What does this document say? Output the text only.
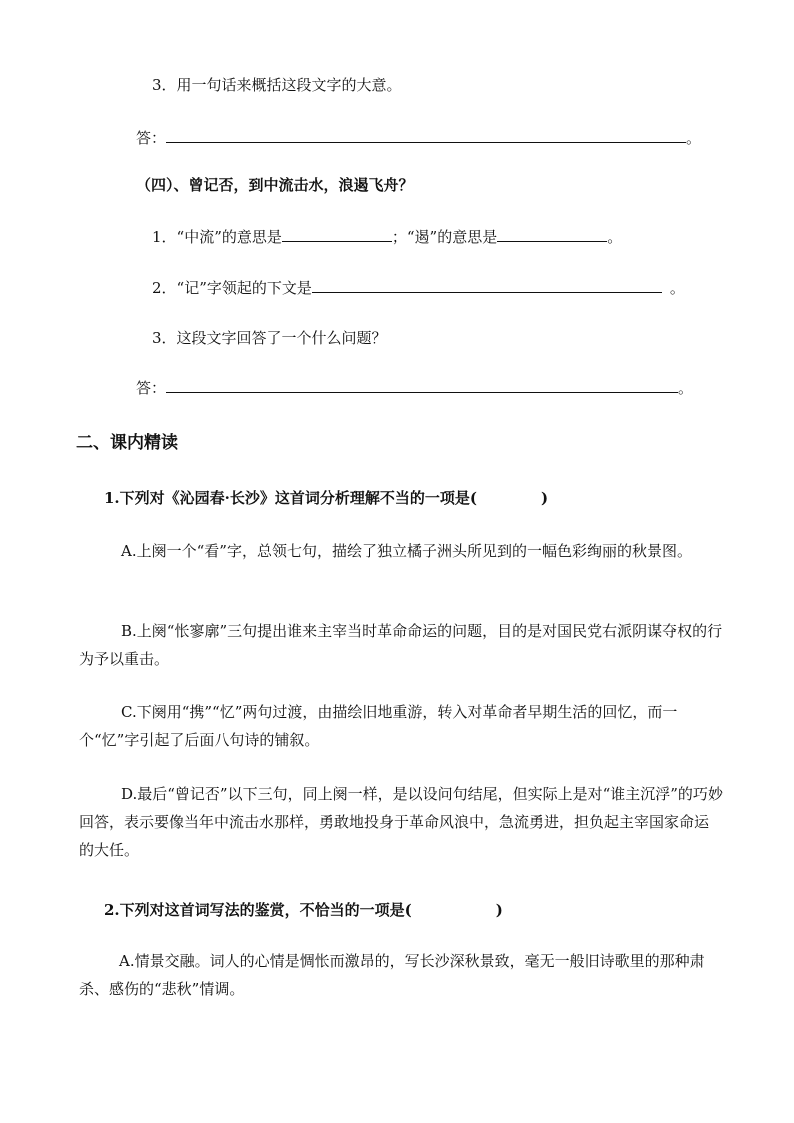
3．用一句话来概括这段文字的大意。
答：	。
（四）、曾记否，到中流击水，浪遏飞舟？
1．“中流”的意思是	；“遏”的意思是	。
2．“记”字领起的下文是	。
3．这段文字回答了一个什么问题？
答：	。
二、课内精读
1.下列对《沁园春·长沙》这首词分析理解不当的一项是(	)
A.上阕一个“看”字，总领七句，描绘了独立橘子洲头所见到的一幅色彩绚丽的秋景图。
B.上阕“怅寥廓”三句提出谁来主宰当时革命命运的问题，目的是对国民党右派阴谋夺权的行为予以重击。
C.下阕用“携”“忆”两句过渡，由描绘旧地重游，转入对革命者早期生活的回忆，而一个“忆”字引起了后面八句诗的铺叙。
D.最后“曾记否”以下三句，同上阕一样，是以设问句结尾，但实际上是对“谁主沉浮”的巧妙回答，表示要像当年中流击水那样，勇敢地投身于革命风浪中，急流勇进，担负起主宰国家命运的大任。
2.下列对这首词写法的鉴赏，不恰当的一项是(	)
A.情景交融。词人的心情是惆怅而激昂的，写长沙深秋景致，毫无一般旧诗歌里的那种肃杀、感伤的“悲秋”情调。
